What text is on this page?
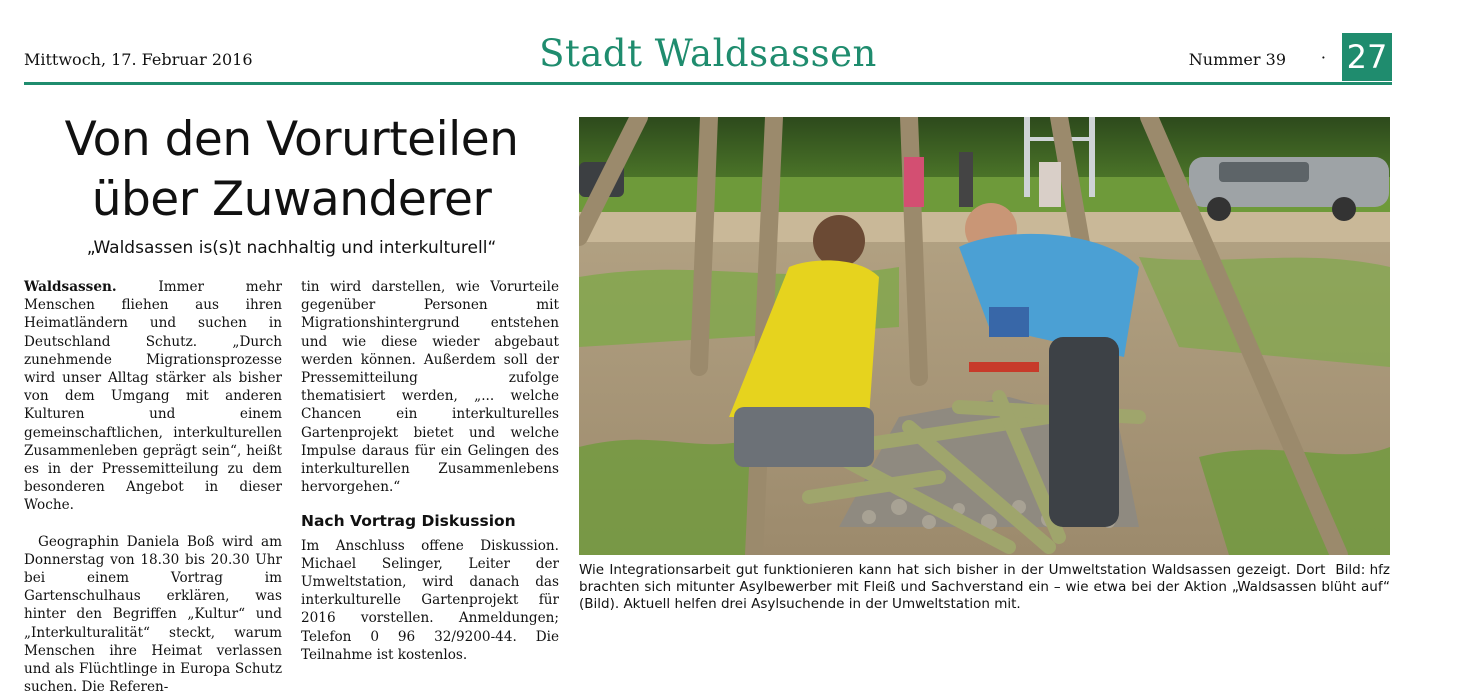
Mittwoch, 17. Februar 2016	Stadt Waldsassen	Nummer 39 · 27
Von den Vorurteilen
über Zuwanderer
„Waldsassen is(s)t nachhaltig und interkulturell“

Waldsassen.	Immer mehr Menschen fliehen aus ihren Heimatländern und suchen in Deutschland Schutz. „Durch zunehmende Migrationsprozesse wird unser Alltag stärker als bisher von dem Umgang mit anderen Kulturen und einem gemeinschaftlichen, interkulturellen Zusammenleben geprägt sein“, heißt es in der Pressemitteilung zu dem besonderen Angebot in dieser Woche.

Geographin Daniela Boß wird am Donnerstag von 18.30 bis 20.30 Uhr bei einem Vortrag im Gartenschulhaus erklären, was hinter den Begriffen „Kultur“ und „Interkulturalität“ steckt, warum Menschen ihre Heimat verlassen und als Flüchtlinge in Europa Schutz suchen. Die Referen-

tin wird darstellen, wie Vorurteile gegenüber Personen mit Migrationshintergrund entstehen und wie diese wieder abgebaut werden können. Außerdem soll der Pressemitteilung zufolge thematisiert werden, „... welche Chancen ein interkulturelles Gartenprojekt bietet und welche Impulse daraus für ein Gelingen des interkulturellen Zusammenlebens hervorgehen.“

Nach Vortrag Diskussion

Im Anschluss offene Diskussion. Michael Selinger, Leiter der Umweltstation, wird danach das interkulturelle Gartenprojekt für 2016 vorstellen. Anmeldungen; Telefon 0 96 32/9200-44. Die Teilnahme ist kostenlos.

Bild: hfz
Wie Integrationsarbeit gut funktionieren kann hat sich bisher in der Umweltstation Waldsassen gezeigt. Dort brachten sich mitunter Asylbewerber mit Fleiß und Sachverstand ein – wie etwa bei der Aktion „Waldsassen blüht auf“ (Bild). Aktuell helfen drei Asylsuchende in der Umweltstation mit.
